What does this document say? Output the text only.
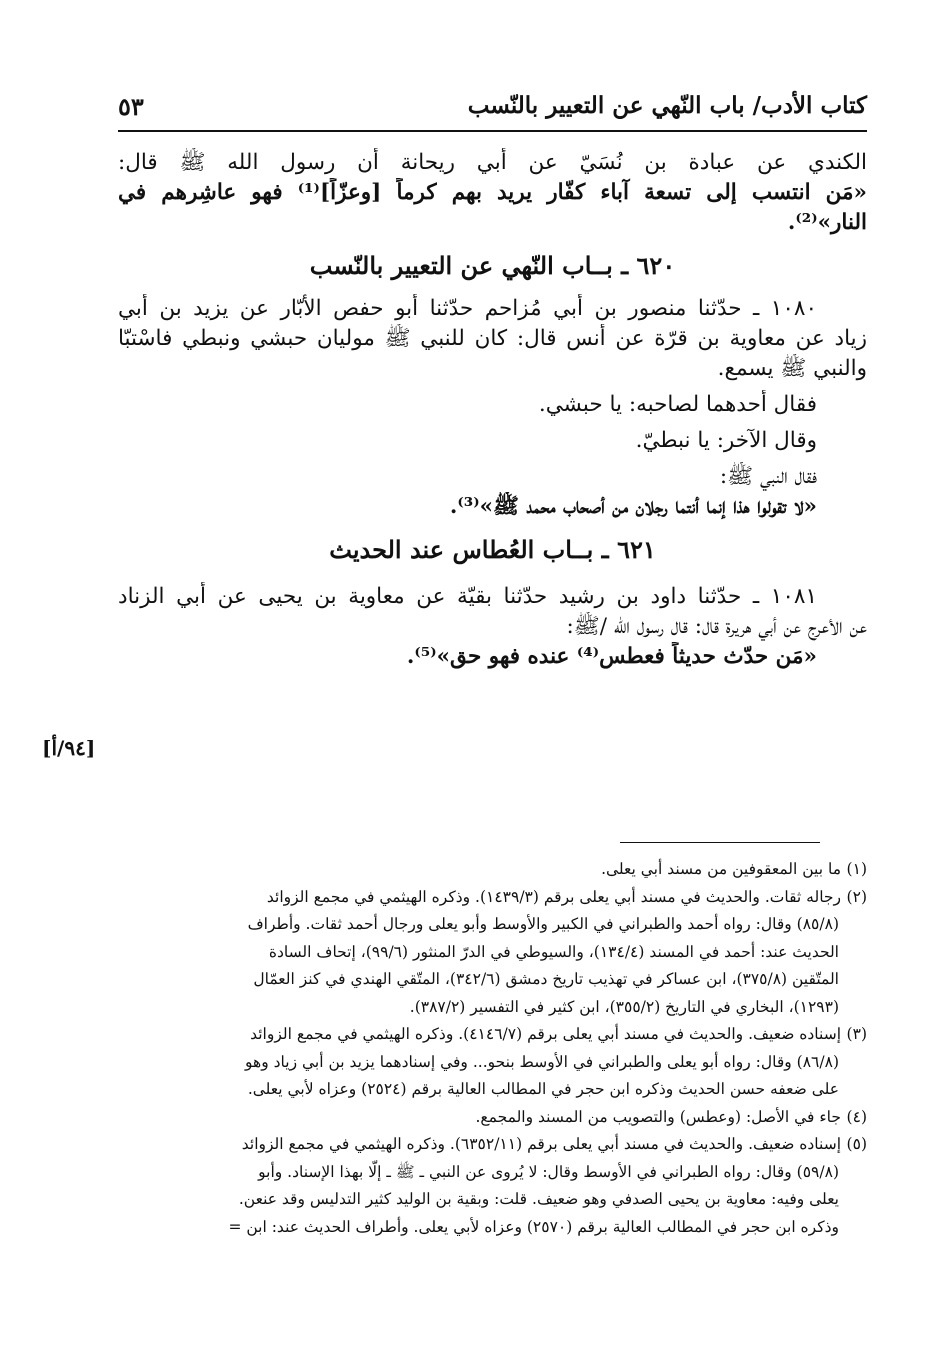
كتاب الأدب/ باب النّهي عن التعيير بالنّسب
٥٣
[٩٤/أ]
الكندي عن عبادة بن نُسَيّ عن أبي ريحانة أن رسول الله ﷺ قال:
«مَن انتسب إلى تسعة آباء كفّار يريد بهم كرماً [وعزّاً]⁽¹⁾ فهو عاشِرهم في
النار»⁽²⁾.
٦٢٠ ـ بــاب النّهي عن التعيير بالنّسب
١٠٨٠ ـ حدّثنا منصور بن أبي مُزاحم حدّثنا أبو حفص الأبّار عن يزيد بن أبي
زياد عن معاوية بن قرّة عن أنس قال: كان للنبي ﷺ موليان حبشي ونبطي فاسْتبّا
والنبي ﷺ يسمع.
فقال أحدهما لصاحبه: يا حبشي.
وقال الآخر: يا نبطيّ.
فقال النبي ﷺ:
«لا تقولوا هذا إنما أنتما رجلان من أصحاب محمد ﷺ»⁽³⁾.
٦٢١ ـ بــاب العُطاس عند الحديث
١٠٨١ ـ حدّثنا داود بن رشيد حدّثنا بقيّة عن معاوية بن يحيى عن أبي الزناد
عن الأعرج عن أبي هريرة قال: قال رسول الله /ﷺ:
«مَن حدّث حديثاً فعطس⁽⁴⁾ عنده فهو حق»⁽⁵⁾.
(١)ما بين المعقوفين من مسند أبي يعلى.
(٢)رجاله ثقات. والحديث في مسند أبي يعلى برقم (١٤٣٩/٣). وذكره الهيثمي في مجمع الزوائد
(٨٥/٨) وقال: رواه أحمد والطبراني في الكبير والأوسط وأبو يعلى ورجال أحمد ثقات. وأطراف
الحديث عند: أحمد في المسند (١٣٤/٤)، والسيوطي في الدرّ المنثور (٩٩/٦)، إتحاف السادة
المتّقين (٣٧٥/٨)، ابن عساكر في تهذيب تاريخ دمشق (٣٤٢/٦)، المتّقي الهندي في كنز العمّال
(١٢٩٣)، البخاري في التاريخ (٣٥٥/٢)، ابن كثير في التفسير (٣٨٧/٢).
(٣)إسناده ضعيف. والحديث في مسند أبي يعلى برقم (٤١٤٦/٧). وذكره الهيثمي في مجمع الزوائد
(٨٦/٨) وقال: رواه أبو يعلى والطبراني في الأوسط بنحو... وفي إسنادهما يزيد بن أبي زياد وهو
على ضعفه حسن الحديث وذكره ابن حجر في المطالب العالية برقم (٢٥٢٤) وعزاه لأبي يعلى.
(٤)جاء في الأصل: (وعطس) والتصويب من المسند والمجمع.
(٥)إسناده ضعيف. والحديث في مسند أبي يعلى برقم (٦٣٥٢/١١). وذكره الهيثمي في مجمع الزوائد
(٥٩/٨) وقال: رواه الطبراني في الأوسط وقال: لا يُروى عن النبي ـ ﷺ ـ إلّا بهذا الإسناد. وأبو
يعلى وفيه: معاوية بن يحيى الصدفي وهو ضعيف. قلت: وبقية بن الوليد كثير التدليس وقد عنعن.
وذكره ابن حجر في المطالب العالية برقم (٢٥٧٠) وعزاه لأبي يعلى. وأطراف الحديث عند: ابن =
